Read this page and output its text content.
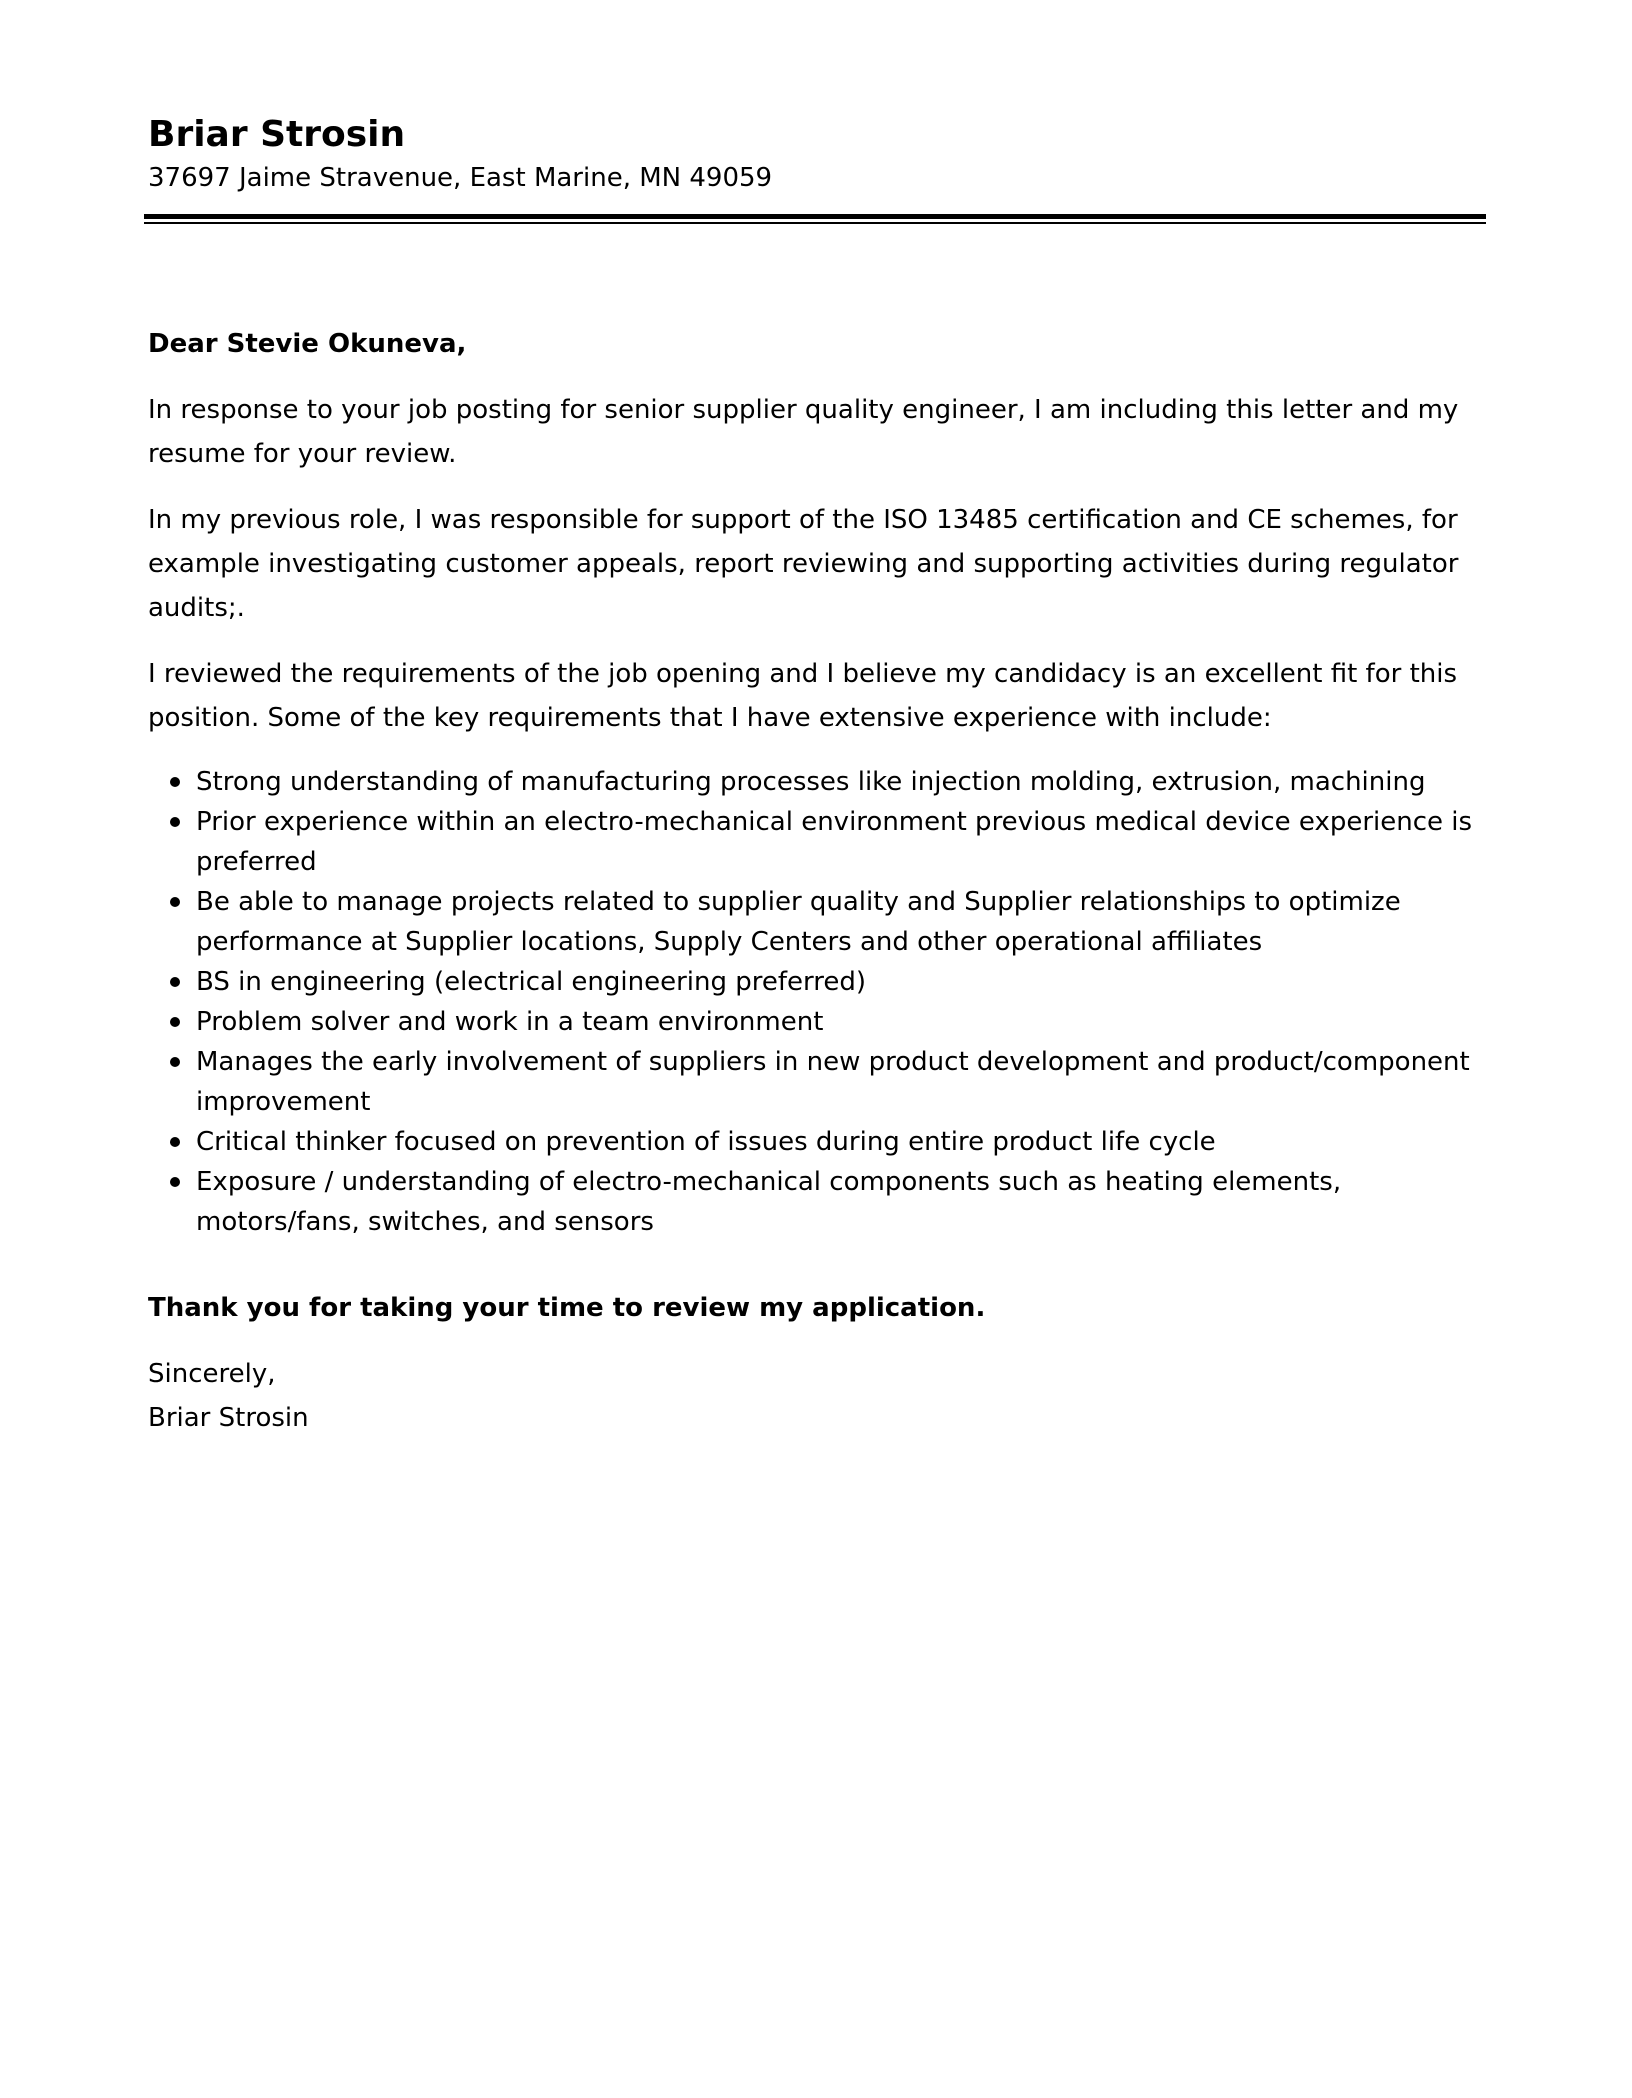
Briar Strosin

37697 Jaime Stravenue, East Marine, MN 49059

Dear Stevie Okuneva,
In response to your job posting for senior supplier quality engineer, I am including this letter and my resume for your review.
In my previous role, I was responsible for support of the ISO 13485 certification and CE schemes, for example investigating customer appeals, report reviewing and supporting activities during regulator audits;.
I reviewed the requirements of the job opening and I believe my candidacy is an excellent fit for this position. Some of the key requirements that I have extensive experience with include:
Strong understanding of manufacturing processes like injection molding, extrusion, machining
Prior experience within an electro-mechanical environment previous medical device experience is preferred
Be able to manage projects related to supplier quality and Supplier relationships to optimize performance at Supplier locations, Supply Centers and other operational affiliates
BS in engineering (electrical engineering preferred)
Problem solver and work in a team environment
Manages the early involvement of suppliers in new product development and product/component improvement
Critical thinker focused on prevention of issues during entire product life cycle
Exposure / understanding of electro-mechanical components such as heating elements, motors/fans, switches, and sensors
Thank you for taking your time to review my application.
Sincerely,
Briar Strosin
